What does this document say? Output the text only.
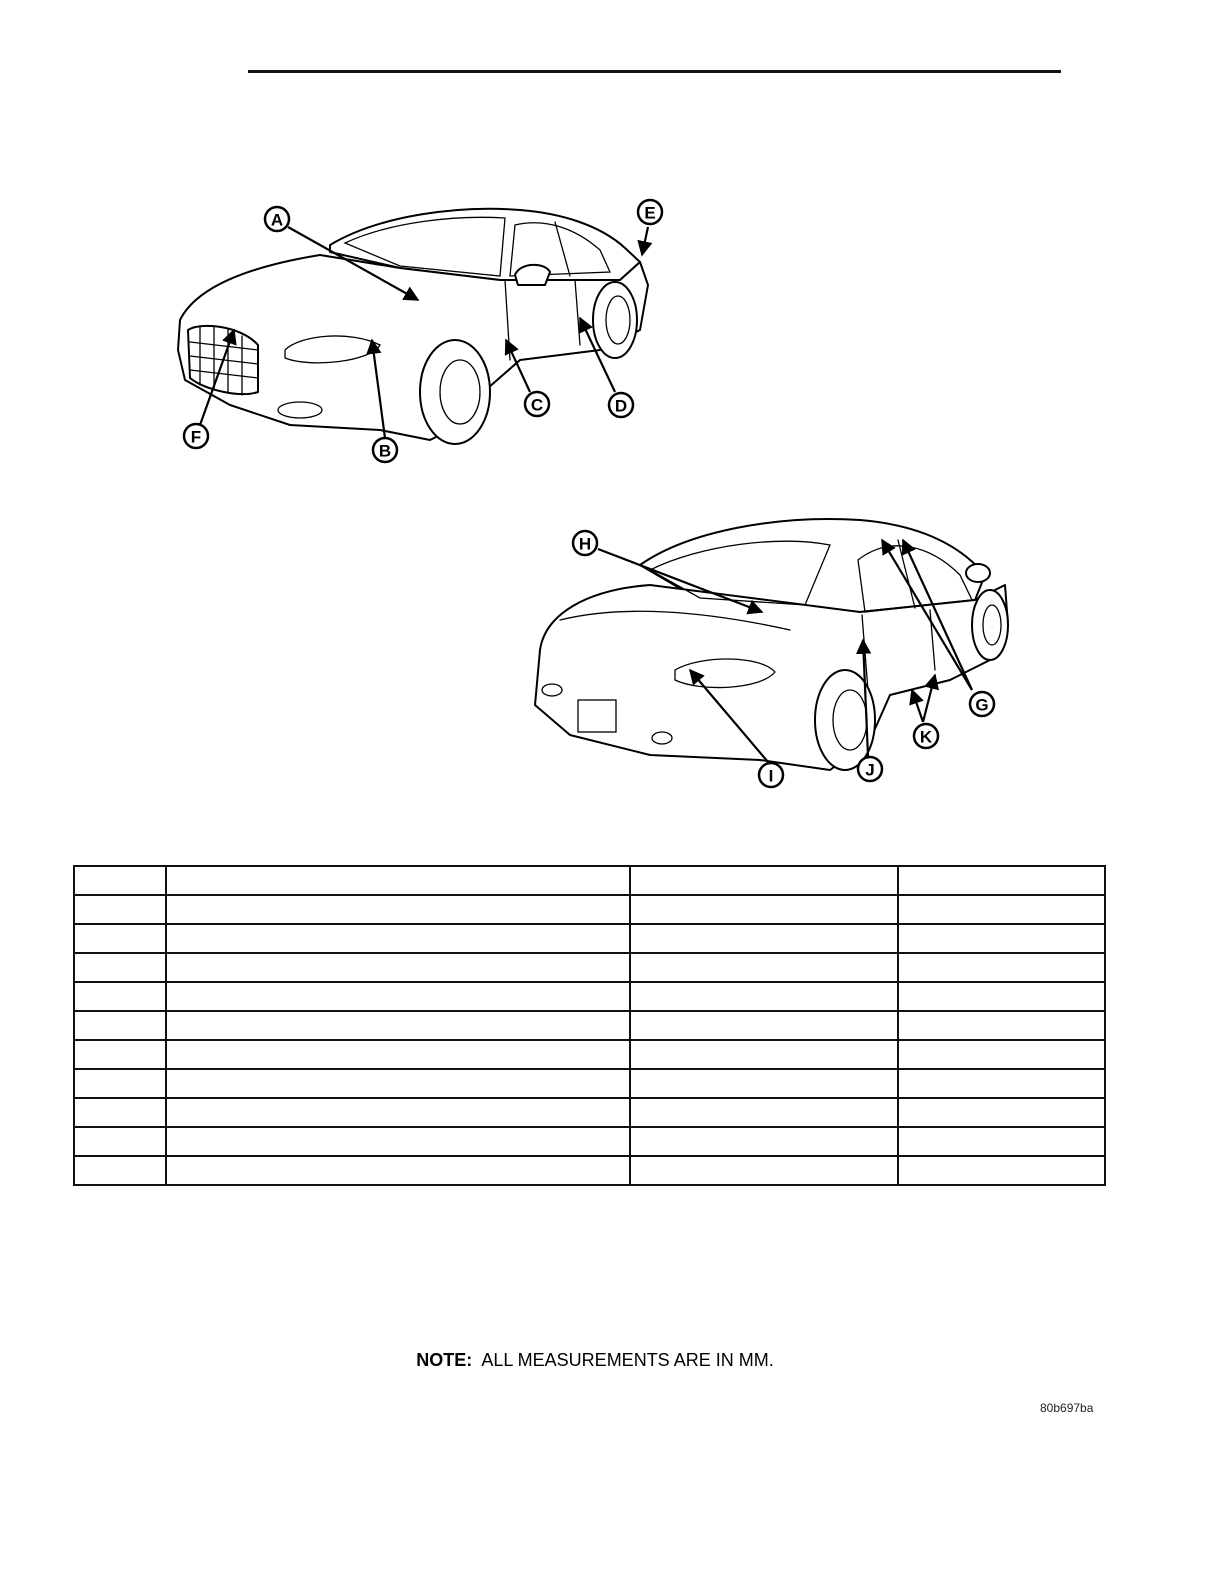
A
B
C	D
E
F
H
I	J
G
K

NOTE: ALL MEASUREMENTS ARE IN MM.
80b697ba
